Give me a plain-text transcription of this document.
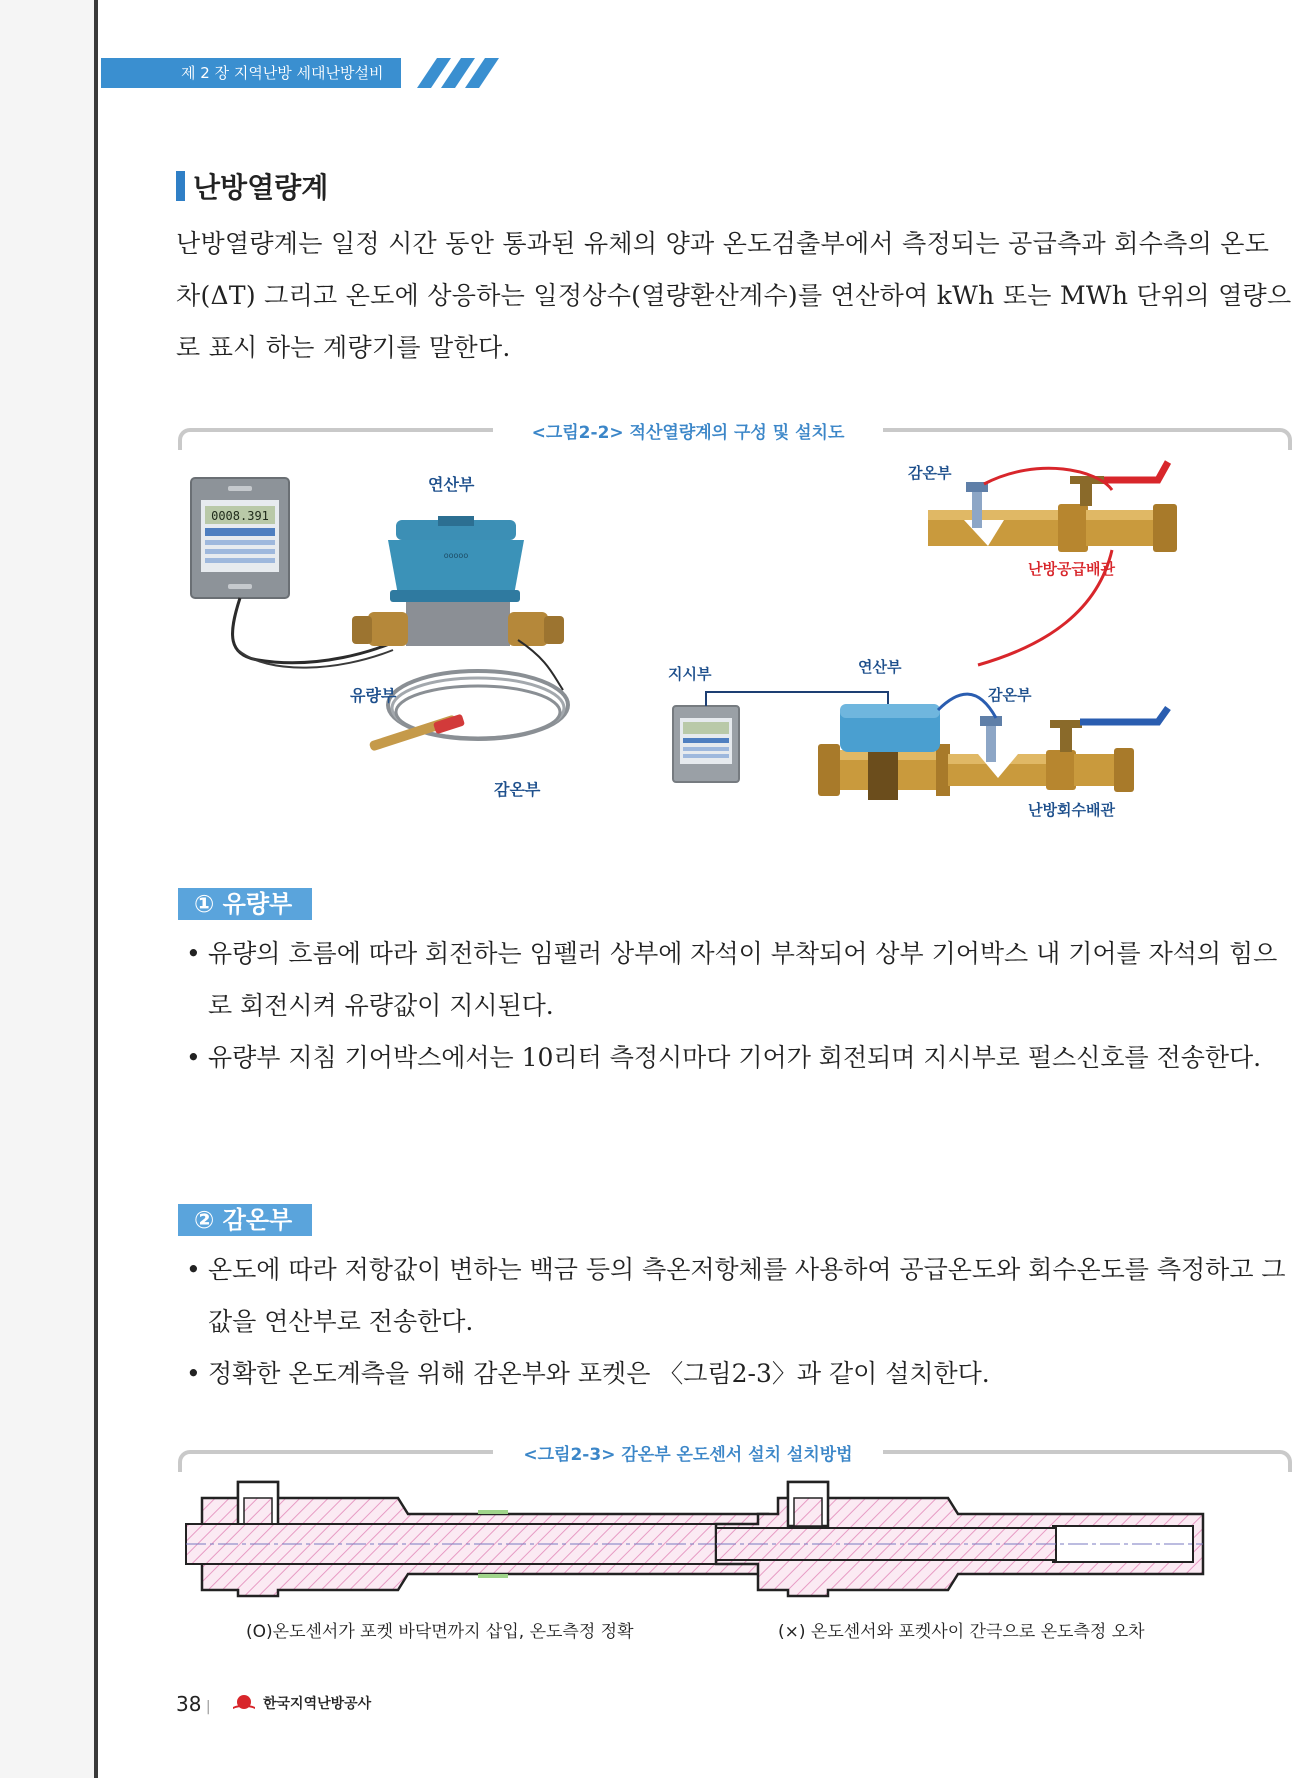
제 2 장 지역난방 세대난방설비
난방열량계
난방열량계는 일정 시간 동안 통과된 유체의 양과 온도검출부에서 측정되는 공급측과 회수측의 온도차(ΔT) 그리고 온도에 상응하는 일정상수(열량환산계수)를 연산하여 kWh 또는 MWh 단위의 열량으로 표시 하는 계량기를 말한다.
<그림2-2> 적산열량계의 구성 및 설치도
0008.391
ooooo
연산부
유량부
감온부
감온부
난방공급배관
지시부	연산부
감온부
난방회수배관
① 유량부
• 유량의 흐름에 따라 회전하는 임펠러 상부에 자석이 부착되어 상부 기어박스 내 기어를 자석의 힘으로 회전시켜 유량값이 지시된다.
• 유량부 지침 기어박스에서는 10리터 측정시마다 기어가 회전되며 지시부로 펄스신호를 전송한다.
② 감온부
• 온도에 따라 저항값이 변하는 백금 등의 측온저항체를 사용하여 공급온도와 회수온도를 측정하고 그 값을 연산부로 전송한다.
• 정확한 온도계측을 위해 감온부와 포켓은 〈그림2-3〉과 같이 설치한다.
<그림2-3> 감온부 온도센서 설치 설치방법
(O)온도센서가 포켓 바닥면까지 삽입, 온도측정 정확	(×) 온도센서와 포켓사이 간극으로 온도측정 오차
38 |	한국지역난방공사
